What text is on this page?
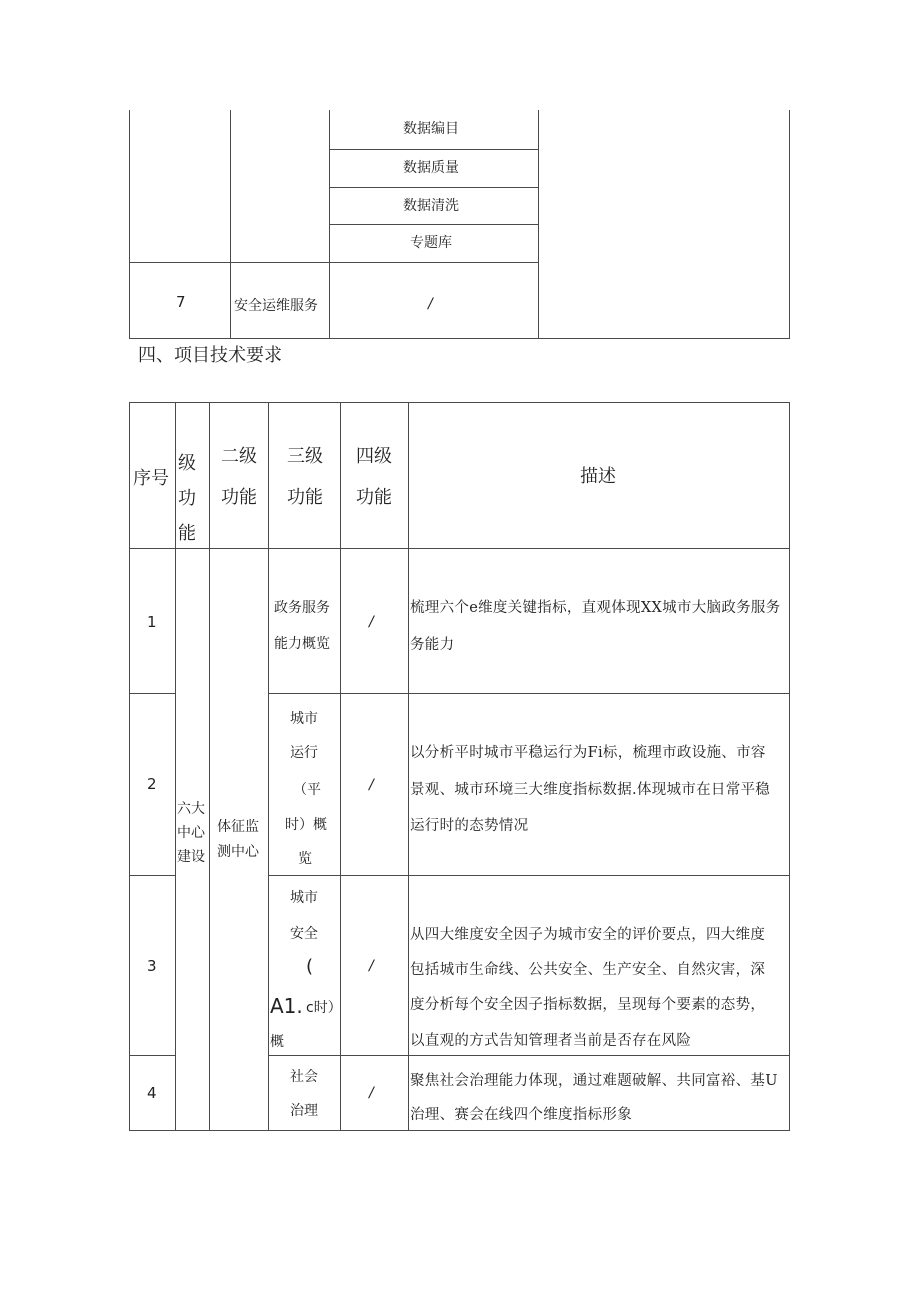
数据编目
数据质量
数据清洗
专题库
7	安全运维服务	/
四、项目技术要求
序号
级
功
能
二级
功能
三级
功能
四级
功能
描述
六大
中心
建设
体征监
测中心
1
政务服务
能力概览
/
梳理六个e维度关键指标，直观体现XX城市大脑政务服务
务能力
2
城市
运行
（平
时）概
览
/
以分析平时城市平稳运行为Fi标，梳理市政设施、市容
景观、城市环境三大维度指标数据.体现城市在日常平稳
运行时的态势情况
3
城市
安全
(
A1. c时）
概
/
从四大维度安全因子为城市安全的评价要点，四大维度
包括城市生命线、公共安全、生产安全、自然灾害，深
度分析每个安全因子指标数据，呈现每个要素的态势，
以直观的方式告知管理者当前是否存在风险
4
社会
治理
/
聚焦社会治理能力体现，通过难题破解、共同富裕、基U
治理、赛会在线四个维度指标形象
